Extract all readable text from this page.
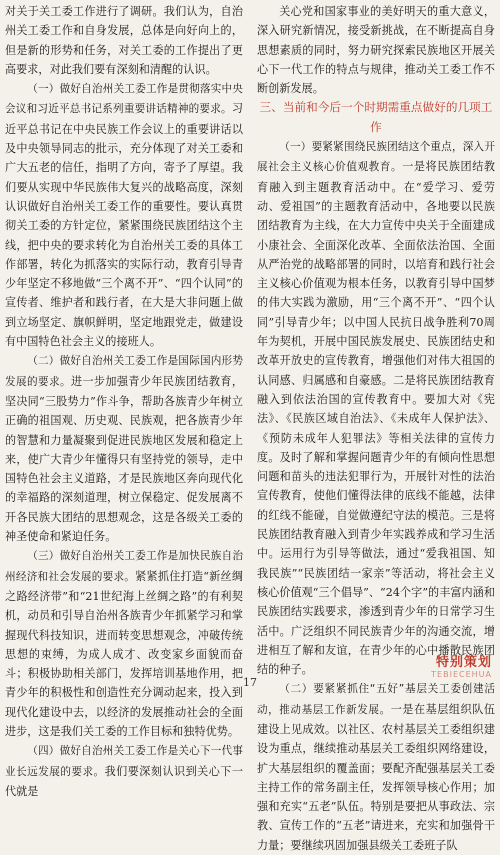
对关于关工委工作进行了调研。我们认为，自治州关工委工作和自身发展，总体是向好向上的，但是新的形势和任务，对关工委的工作提出了更高要求，对此我们要有深刻和清醒的认识。

（一）做好自治州关工委工作是贯彻落实中央会议和习近平总书记系列重要讲话精神的要求。习近平总书记在中央民族工作会议上的重要讲话以及中央领导同志的批示，充分体现了对关工委和广大五老的信任，指明了方向，寄予了厚望。我们要从实现中华民族伟大复兴的战略高度，深刻认识做好自治州关工委工作的重要性。要认真贯彻关工委的方针定位，紧紧围绕民族团结这个主线，把中央的要求转化为自治州关工委的具体工作部署，转化为抓落实的实际行动，教育引导青少年坚定不移地做“三个离不开”、“四个认同”的宣传者、维护者和践行者，在大是大非问题上做到立场坚定、旗帜鲜明，坚定地跟党走，做建设有中国特色社会主义的接班人。

（二）做好自治州关工委工作是国际国内形势发展的要求。进一步加强青少年民族团结教育，坚决同“三股势力”作斗争，帮助各族青少年树立正确的祖国观、历史观、民族观，把各族青少年的智慧和力量凝聚到促进民族地区发展和稳定上来，使广大青少年懂得只有坚持党的领导，走中国特色社会主义道路，才是民族地区奔向现代化的幸福路的深刻道理，树立保稳定、促发展离不开各民族大团结的思想观念，这是各级关工委的神圣使命和紧迫任务。

（三）做好自治州关工委工作是加快民族自治州经济和社会发展的要求。紧紧抓住打造“新丝绸之路经济带”和“21世纪海上丝绸之路”的有利契机，动员和引导自治州各族青少年抓紧学习和掌握现代科技知识，进而转变思想观念，冲破传统思想的束缚，为成人成才、改变家乡面貌而奋斗；积极协助相关部门，发挥培训基地作用，把青少年的积极性和创造性充分调动起来，投入到现代化建设中去，以经济的发展推动社会的全面进步，这是我们关工委的工作目标和独特优势。

（四）做好自治州关工委工作是关心下一代事业长远发展的要求。我们要深刻认识到关心下一代就是

关心党和国家事业的美好明天的重大意义，深入研究新情况，接受新挑战，在不断提高自身思想素质的同时，努力研究探索民族地区开展关心下一代工作的特点与规律，推动关工委工作不断创新发展。

三、当前和今后一个时期需重点做好的几项工作

（一）要紧紧围绕民族团结这个重点，深入开展社会主义核心价值观教育。一是将民族团结教育融入到主题教育活动中。在“爱学习、爱劳动、爱祖国”的主题教育活动中，各地要以民族团结教育为主线，在大力宣传中央关于全面建成小康社会、全面深化改革、全面依法治国、全面从严治党的战略部署的同时，以培育和践行社会主义核心价值观为根本任务，以教育引导中国梦的伟大实践为激励，用“三个离不开”、“四个认同”引导青少年；以中国人民抗日战争胜利70周年为契机，开展中国民族发展史、民族团结史和改革开放史的宣传教育，增强他们对伟大祖国的认同感、归属感和自豪感。二是将民族团结教育融入到依法治国的宣传教育中。要加大对《宪法》、《民族区域自治法》、《未成年人保护法》、《预防未成年人犯罪法》等相关法律的宣传力度。及时了解和掌握问题青少年的有倾向性思想问题和苗头的违法犯罪行为，开展针对性的法治宣传教育，使他们懂得法律的底线不能越，法律的红线不能碰，自觉做遵纪守法的模范。三是将民族团结教育融入到青少年实践养成和学习生活中。运用行为引导等做法，通过“爱我祖国、知我民族”“民族团结一家亲”等活动，将社会主义核心价值观“三个倡导”、“24个字”的丰富内涵和民族团结实践要求，渗透到青少年的日常学习生活中。广泛组织不同民族青少年的沟通交流，增进相互了解和友谊，在青少年的心中播散民族团结的种子。

（二）要紧紧抓住“五好”基层关工委创建活动，推动基层工作新发展。一是在基层组织队伍建设上见成效。以社区、农村基层关工委组织建设为重点，继续推动基层关工委组织网络建设，扩大基层组织的覆盖面；要配齐配强基层关工委主持工作的常务副主任，发挥领导核心作用；加强和充实“五老”队伍。特别是要把从事政法、宗教、宣传工作的“五老”请进来，充实和加强骨干力量；要继续巩固加强县级关工委班子队

17
特别策划
TEBIECEHUA
